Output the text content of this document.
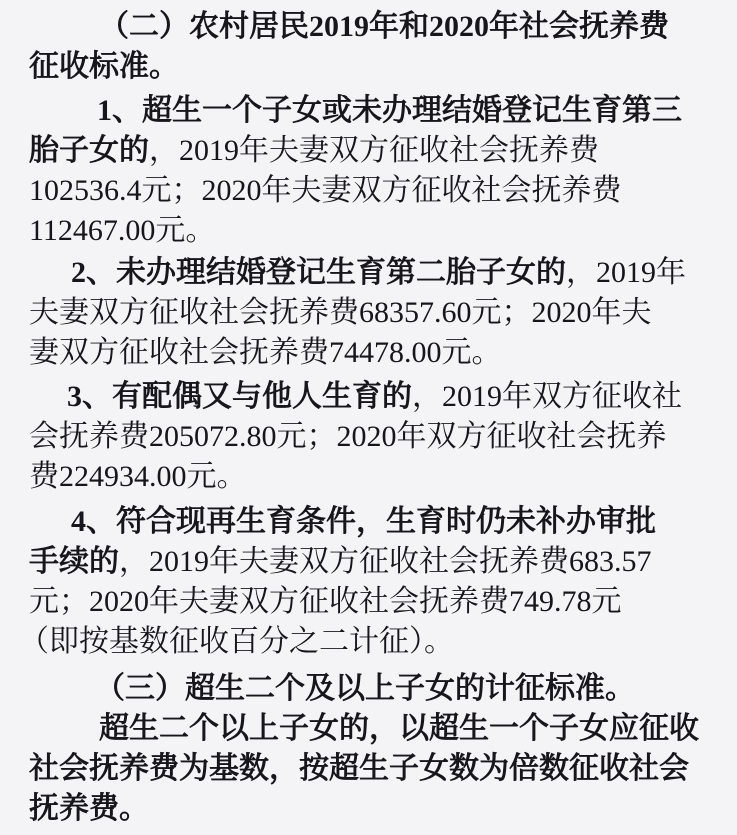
（二）农村居民2019年和2020年社会抚养费
征收标准。
1、超生一个子女或未办理结婚登记生育第三
胎子女的，2019年夫妻双方征收社会抚养费
102536.4元；2020年夫妻双方征收社会抚养费
112467.00元。
2、未办理结婚登记生育第二胎子女的，2019年
夫妻双方征收社会抚养费68357.60元；2020年夫
妻双方征收社会抚养费74478.00元。
3、有配偶又与他人生育的，2019年双方征收社
会抚养费205072.80元；2020年双方征收社会抚养
费224934.00元。
4、符合现再生育条件，生育时仍未补办审批
手续的，2019年夫妻双方征收社会抚养费683.57
元；2020年夫妻双方征收社会抚养费749.78元
（即按基数征收百分之二计征）。
（三）超生二个及以上子女的计征标准。
超生二个以上子女的，以超生一个子女应征收
社会抚养费为基数，按超生子女数为倍数征收社会
抚养费。
